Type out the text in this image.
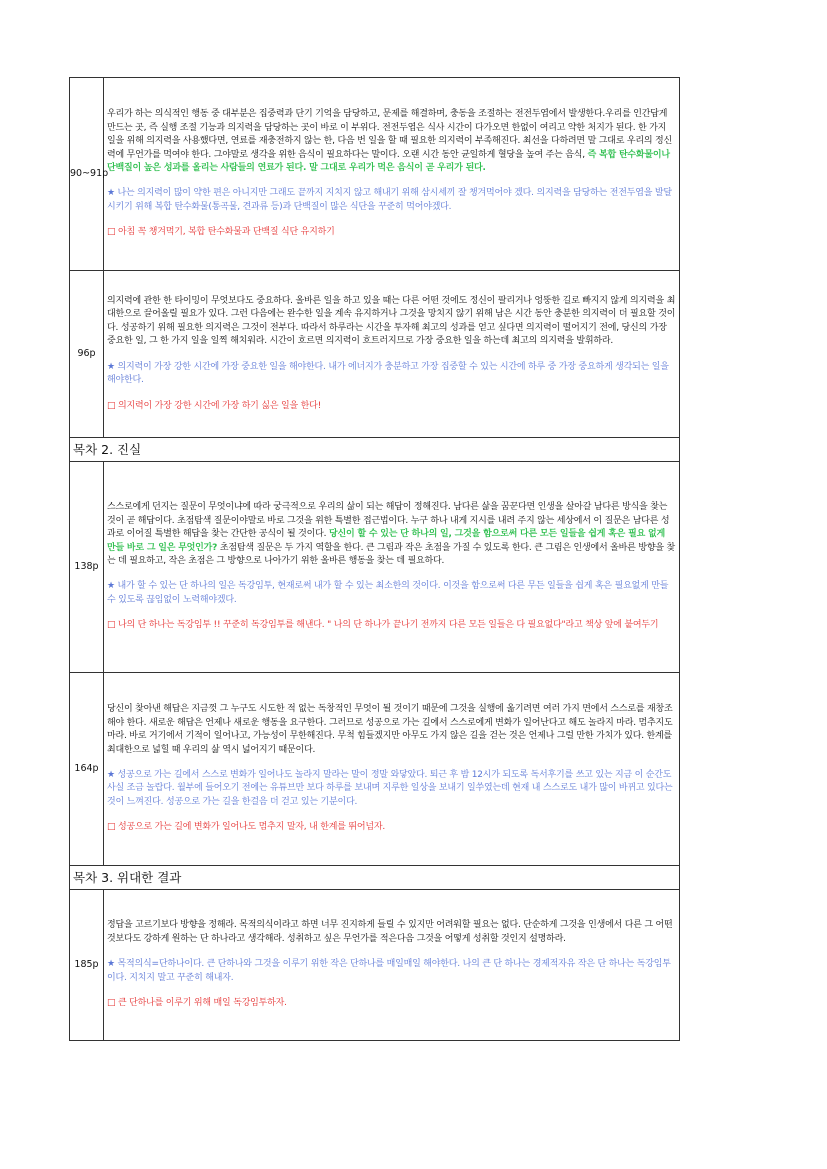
90~91p	우리가 하는 의식적인 행동 중 대부분은 집중력과 단기 기억을 담당하고, 문제를 해결하며, 충동을 조절하는 전전두엽에서 발생한다.우리를 인간답게 만드는 곳, 즉 실행 조절 기능과 의지력을 담당하는 곳이 바로 이 부위다. 전전두엽은 식사 시간이 다가오면 한없이 여리고 약한 처지가 된다. 한 가지 일을 위해 의지력을 사용했다면, 연료를 재충전하지 않는 한, 다음 번 일을 할 때 필요한 의지력이 부족해진다. 최선을 다하려면 말 그대로 우리의 정신력에 무언가를 먹여야 한다. 그야말로 생각을 위한 음식이 필요하다는 말이다. 오랜 시간 동안 균일하게 혈당을 높여 주는 음식, 즉 복합 탄수화물이나 단백질이 높은 성과를 올리는 사람들의 연료가 된다. 말 그대로 우리가 먹은 음식이 곧 우리가 된다.

★ 나는 의지력이 많이 약한 편은 아니지만 그래도 끝까지 지치지 않고 해내기 위해 삼시세끼 잘 챙겨먹어야 겠다. 의지력을 담당하는 전전두엽을 발달시키기 위해 복합 탄수화물(통곡물, 견과류 등)과 단백질이 많은 식단을 꾸준히 먹어야겠다.

□ 아침 꼭 챙겨먹기, 복합 탄수화물과 단백질 식단 유지하기

96p	의지력에 관한 한 타이밍이 무엇보다도 중요하다. 올바른 일을 하고 있을 때는 다른 어떤 것에도 정신이 팔리거나 엉뚱한 길로 빠지지 않게 의지력을 최대한으로 끌어올릴 필요가 있다. 그런 다음에는 완수한 일을 계속 유지하거나 그것을 망치지 않기 위해 남은 시간 동안 충분한 의지력이 더 필요할 것이다. 성공하기 위해 필요한 의지력은 그것이 전부다. 따라서 하루라는 시간을 투자해 최고의 성과를 얻고 싶다면 의지력이 떨어지기 전에, 당신의 가장 중요한 일, 그 한 가지 일을 일찍 해치워라. 시간이 흐르면 의지력이 흐트러지므로 가장 중요한 일을 하는데 최고의 의지력을 발휘하라.

★ 의지력이 가장 강한 시간에 가장 중요한 일을 해야한다. 내가 에너지가 충분하고 가장 집중할 수 있는 시간에 하루 중 가장 중요하게 생각되는 일을 해야한다.

□ 의지력이 가장 강한 시간에 가장 하기 싫은 일을 한다!

목차 2. 진실	
138p	스스로에게 던지는 질문이 무엇이냐에 따라 궁극적으로 우리의 삶이 되는 해답이 정해진다. 남다른 삶을 꿈꾼다면 인생을 살아갈 남다른 방식을 찾는 것이 곧 해답이다. 초점탐색 질문이야말로 바로 그것을 위한 특별한 접근법이다. 누구 하나 내게 지시를 내려 주지 않는 세상에서 이 질문은 남다른 성과로 이어질 특별한 해답을 찾는 간단한 공식이 될 것이다. 당신이 할 수 있는 단 하나의 일, 그것을 함으로써 다른 모든 일들을 쉽게 혹은 필요 없게 만들 바로 그 일은 무엇인가? 초점탐색 질문은 두 가지 역할을 한다. 큰 그림과 작은 초점을 가질 수 있도록 한다. 큰 그림은 인생에서 올바른 방향을 찾는 데 필요하고, 작은 초점은 그 방향으로 나아가기 위한 올바른 행동을 찾는 데 필요하다.

★ 내가 할 수 있는 단 하나의 일은 독강임투, 현재로써 내가 할 수 있는 최소한의 것이다. 이것을 함으로써 다른 무든 일들을 쉽게 혹은 필요없게 만들 수 있도록 끊임없이 노력해야겠다.

□ 나의 단 하나는 독강임투 !! 꾸준히 독강임투를 해낸다. " 나의 단 하나가 끝나기 전까지 다른 모든 일들은 다 필요없다"라고 책상 앞에 붙여두기

164p	당신이 찾아낸 해답은 지금껏 그 누구도 시도한 적 없는 독창적인 무엇이 될 것이기 때문에 그것을 실행에 옮기려면 여러 가지 면에서 스스로를 재창조해야 한다. 새로운 해답은 언제나 새로운 행동을 요구한다. 그러므로 성공으로 가는 길에서 스스로에게 변화가 일어난다고 해도 놀라지 마라. 멈추지도 마라. 바로 거기에서 기적이 일어나고, 가능성이 무한해진다. 무척 힘들겠지만 아무도 가지 않은 길을 걷는 것은 언제나 그럴 만한 가치가 있다. 한계를 최대한으로 넓힐 때 우리의 삶 역시 넓어지기 때문이다.

★ 성공으로 가는 길에서 스스로 변화가 일어나도 놀라지 말라는 말이 정말 와닿았다. 퇴근 후 밤 12시가 되도록 독서후기를 쓰고 있는 지금 이 순간도 사실 조금 놀랍다. 월부에 들어오기 전에는 유튜브만 보다 하루를 보내며 지루한 일상을 보내기 일쑤였는데 현재 내 스스로도 내가 많이 바뀌고 있다는 것이 느껴진다. 성공으로 가는 길을 한걸음 더 걷고 있는 기분이다.

□ 성공으로 가는 길에 변화가 일어나도 멈추지 말자, 내 한계를 뛰어넘자.

목차 3. 위대한 결과	
185p	정답을 고르기보다 방향을 정해라. 목적의식이라고 하면 너무 진지하게 들릴 수 있지만 어려워할 필요는 없다. 단순하게 그것을 인생에서 다른 그 어떤 것보다도 강하게 원하는 단 하나라고 생각해라. 성취하고 싶은 무언가를 적은다음 그것을 어떻게 성취할 것인지 설명하라.

★ 목적의식=단하나이다. 큰 단하나와 그것을 이루기 위한 작은 단하나를 매일매일 해야한다. 나의 큰 단 하나는 경제적자유 작은 단 하나는 독강임투이다. 지치지 말고 꾸준히 해내자.

□ 큰 단하나를 이루기 위해 매일 독강임투하자.
